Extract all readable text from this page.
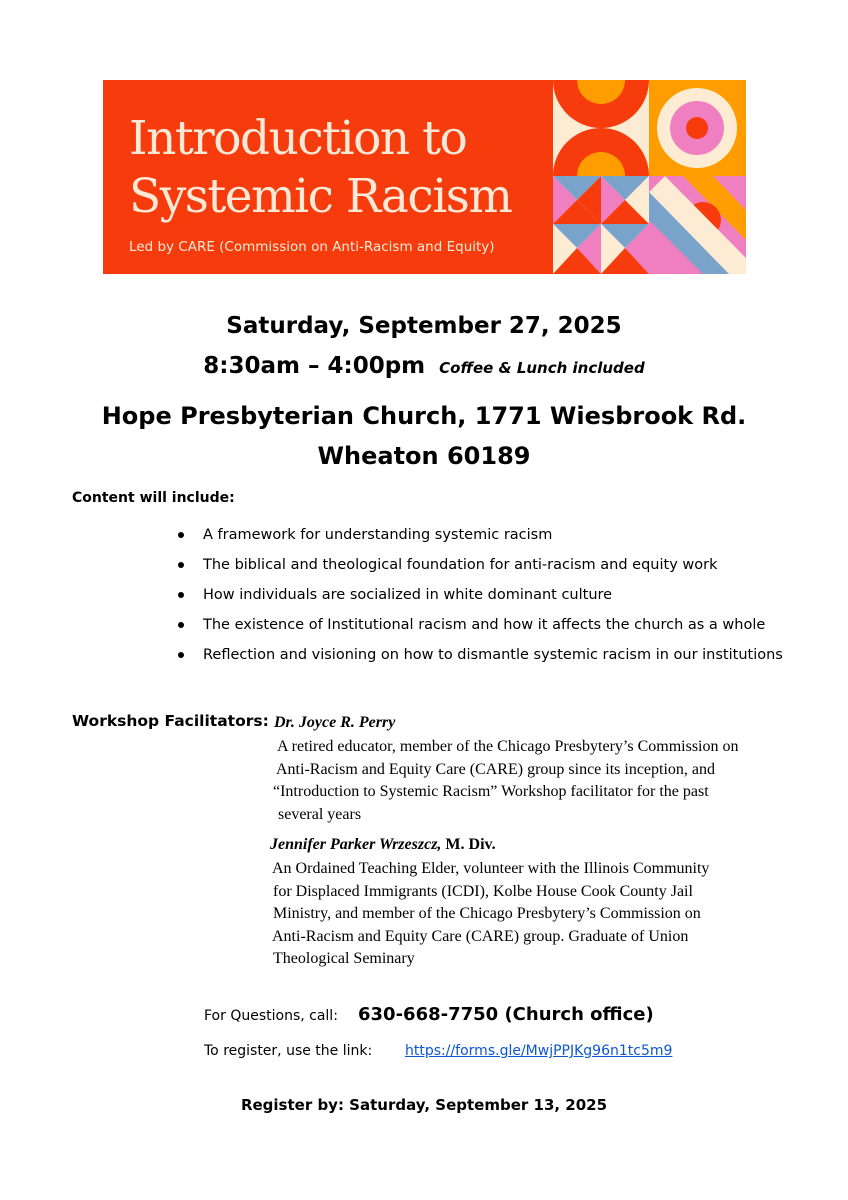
Introduction to
Systemic Racism
Led by CARE (Commission on Anti-Racism and Equity)
Saturday, September 27, 2025
8:30am – 4:00pm Coffee & Lunch included
Hope Presbyterian Church, 1771 Wiesbrook Rd.
Wheaton 60189
Content will include:
A framework for understanding systemic racism
The biblical and theological foundation for anti-racism and equity work
How individuals are socialized in white dominant culture
The existence of Institutional racism and how it affects the church as a whole
Reflection and visioning on how to dismantle systemic racism in our institutions
Workshop Facilitators: Dr. Joyce R. Perry
A retired educator, member of the Chicago Presbytery’s Commission on
Anti-Racism and Equity Care (CARE) group since its inception, and
“Introduction to Systemic Racism” Workshop facilitator for the past
several years
Jennifer Parker Wrzeszcz, M. Div.
An Ordained Teaching Elder, volunteer with the Illinois Community
for Displaced Immigrants (ICDI), Kolbe House Cook County Jail
Ministry, and member of the Chicago Presbytery’s Commission on
Anti-Racism and Equity Care (CARE) group. Graduate of Union
Theological Seminary
For Questions, call: 630-668-7750 (Church office)
To register, use the link: https://forms.gle/MwjPPJKg96n1tc5m9
Register by: Saturday, September 13, 2025
